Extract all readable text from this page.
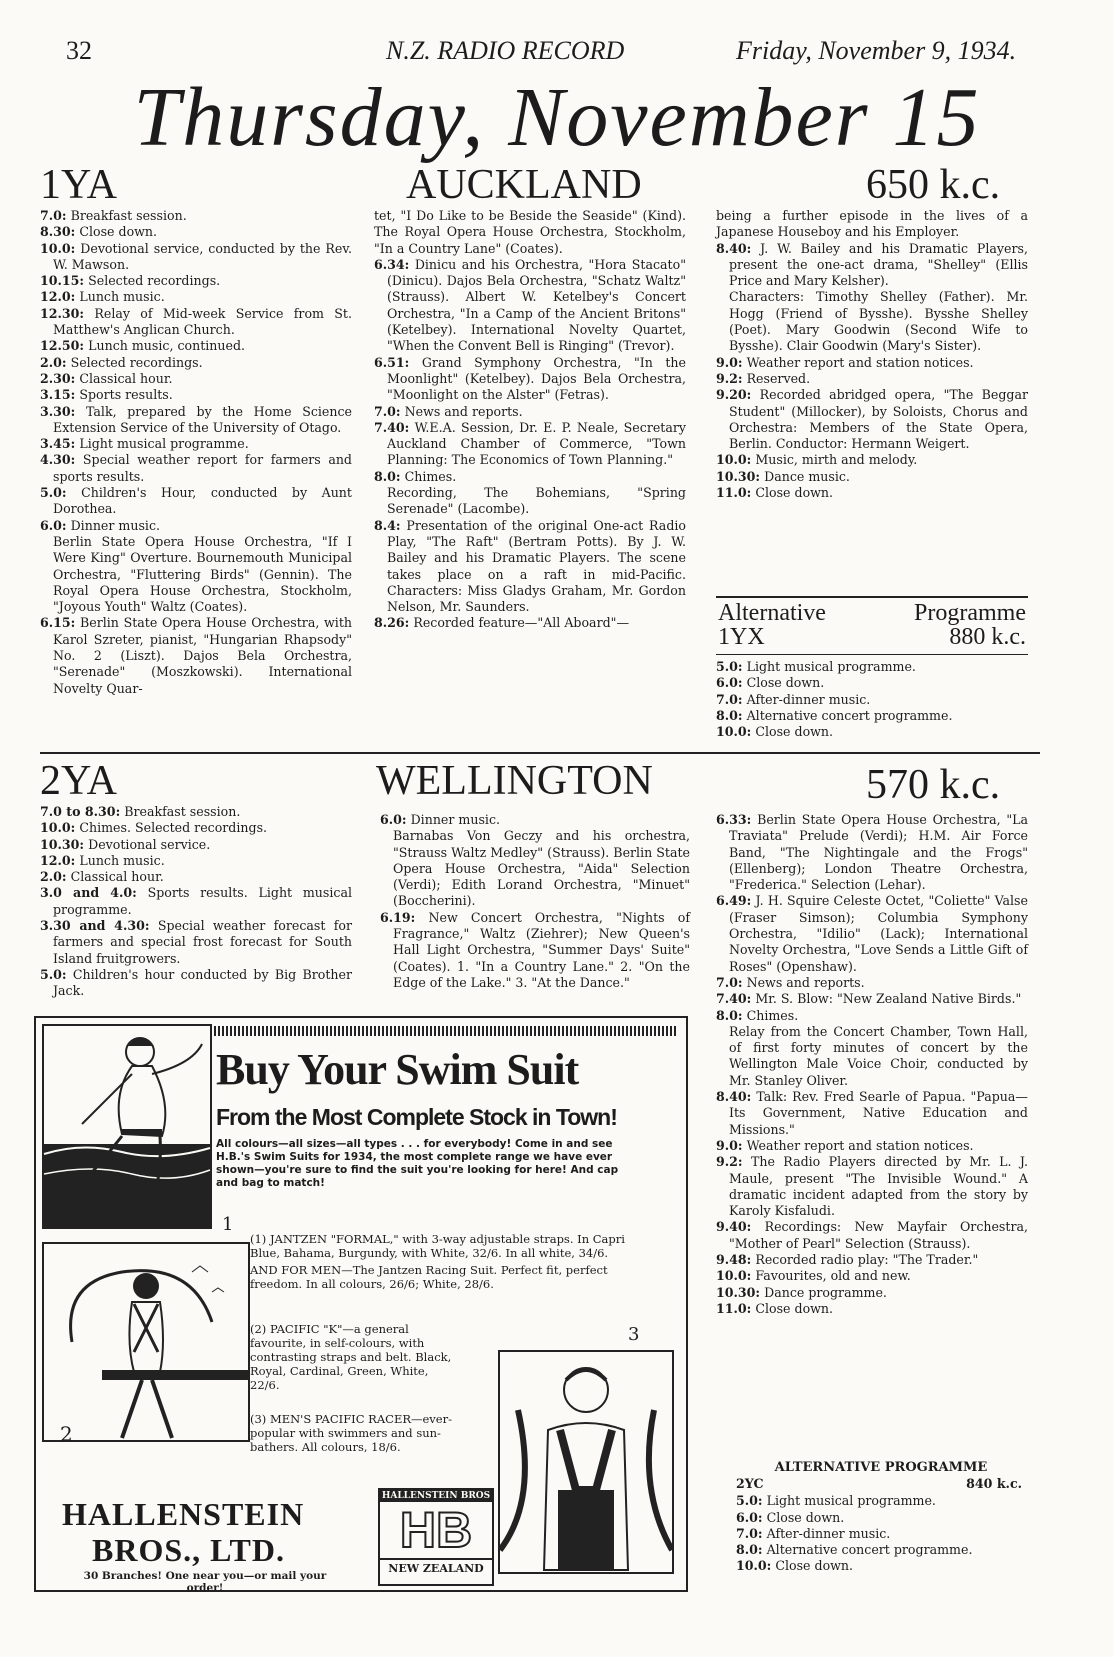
32	N.Z. RADIO RECORD	Friday, November 9, 1934.
Thursday, November 15
1YA	AUCKLAND	650 k.c.

7.0: Breakfast session.

8.30: Close down.

10.0: Devotional service, conducted by the Rev. W. Mawson.

10.15: Selected recordings.

12.0: Lunch music.

12.30: Relay of Mid-week Service from St. Matthew's Anglican Church.

12.50: Lunch music, continued.

2.0: Selected recordings.

2.30: Classical hour.

3.15: Sports results.

3.30: Talk, prepared by the Home Science Extension Service of the University of Otago.

3.45: Light musical programme.

4.30: Special weather report for farmers and sports results.

5.0: Children's Hour, conducted by Aunt Dorothea.

6.0: Dinner music.

Berlin State Opera House Orchestra, "If I Were King" Overture. Bournemouth Municipal Orchestra, "Fluttering Birds" (Gennin). The Royal Opera House Orchestra, Stockholm, "Joyous Youth" Waltz (Coates).

6.15: Berlin State Opera House Orchestra, with Karol Szreter, pianist, "Hungarian Rhapsody" No. 2 (Liszt). Dajos Bela Orchestra, "Serenade" (Moszkowski). International Novelty Quar-

tet, "I Do Like to be Beside the Seaside" (Kind). The Royal Opera House Orchestra, Stockholm, "In a Country Lane" (Coates).

6.34: Dinicu and his Orchestra, "Hora Stacato" (Dinicu). Dajos Bela Orchestra, "Schatz Waltz" (Strauss). Albert W. Ketelbey's Concert Orchestra, "In a Camp of the Ancient Britons" (Ketelbey). International Novelty Quartet, "When the Convent Bell is Ringing" (Trevor).

6.51: Grand Symphony Orchestra, "In the Moonlight" (Ketelbey). Dajos Bela Orchestra, "Moonlight on the Alster" (Fetras).

7.0: News and reports.

7.40: W.E.A. Session, Dr. E. P. Neale, Secretary Auckland Chamber of Commerce, "Town Planning: The Economics of Town Planning."

8.0: Chimes.

Recording, The Bohemians, "Spring Serenade" (Lacombe).

8.4: Presentation of the original One-act Radio Play, "The Raft" (Bertram Potts). By J. W. Bailey and his Dramatic Players. The scene takes place on a raft in mid-Pacific. Characters: Miss Gladys Graham, Mr. Gordon Nelson, Mr. Saunders.

8.26: Recorded feature—"All Aboard"—

being a further episode in the lives of a Japanese Houseboy and his Employer.

8.40: J. W. Bailey and his Dramatic Players, present the one-act drama, "Shelley" (Ellis Price and Mary Kelsher).

Characters: Timothy Shelley (Father). Mr. Hogg (Friend of Bysshe). Bysshe Shelley (Poet). Mary Goodwin (Second Wife to Bysshe). Clair Goodwin (Mary's Sister).

9.0: Weather report and station notices.

9.2: Reserved.

9.20: Recorded abridged opera, "The Beggar Student" (Millocker), by Soloists, Chorus and Orchestra: Members of the State Opera, Berlin. Conductor: Hermann Weigert.

10.0: Music, mirth and melody.

10.30: Dance music.

11.0: Close down.

Alternative	Programme
1YX	880 k.c.

5.0: Light musical programme.

6.0: Close down.

7.0: After-dinner music.

8.0: Alternative concert programme.

10.0: Close down.

2YA	WELLINGTON	570 k.c.

7.0 to 8.30: Breakfast session.

10.0: Chimes. Selected recordings.

10.30: Devotional service.

12.0: Lunch music.

2.0: Classical hour.

3.0 and 4.0: Sports results. Light musical programme.

3.30 and 4.30: Special weather forecast for farmers and special frost forecast for South Island fruitgrowers.

5.0: Children's hour conducted by Big Brother Jack.

6.0: Dinner music.

Barnabas Von Geczy and his orchestra, "Strauss Waltz Medley" (Strauss). Berlin State Opera House Orchestra, "Aida" Selection (Verdi); Edith Lorand Orchestra, "Minuet" (Boccherini).

6.19: New Concert Orchestra, "Nights of Fragrance," Waltz (Ziehrer); New Queen's Hall Light Orchestra, "Summer Days' Suite" (Coates). 1. "In a Country Lane." 2. "On the Edge of the Lake." 3. "At the Dance."

6.33: Berlin State Opera House Orchestra, "La Traviata" Prelude (Verdi); H.M. Air Force Band, "The Nightingale and the Frogs" (Ellenberg); London Theatre Orchestra, "Frederica." Selection (Lehar).

6.49: J. H. Squire Celeste Octet, "Coliette" Valse (Fraser Simson); Columbia Symphony Orchestra, "Idilio" (Lack); International Novelty Orchestra, "Love Sends a Little Gift of Roses" (Openshaw).

7.0: News and reports.

7.40: Mr. S. Blow: "New Zealand Native Birds."

8.0: Chimes.

Relay from the Concert Chamber, Town Hall, of first forty minutes of concert by the Wellington Male Voice Choir, conducted by Mr. Stanley Oliver.

8.40: Talk: Rev. Fred Searle of Papua. "Papua—Its Government, Native Education and Missions."

9.0: Weather report and station notices.

9.2: The Radio Players directed by Mr. L. J. Maule, present "The Invisible Wound." A dramatic incident adapted from the story by Karoly Kisfaludi.

9.40: Recordings: New Mayfair Orchestra, "Mother of Pearl" Selection (Strauss).

9.48: Recorded radio play: "The Trader."

10.0: Favourites, old and new.

10.30: Dance programme.

11.0: Close down.

ALTERNATIVE PROGRAMME
2YC	840 k.c.

5.0: Light musical programme.

6.0: Close down.

7.0: After-dinner music.

8.0: Alternative concert programme.

10.0: Close down.

Buy Your Swim Suit
From the Most Complete Stock in Town!
All colours—all sizes—all types . . . for everybody! Come in and see H.B.'s Swim Suits for 1934, the most complete range we have ever shown—you're sure to find the suit you're looking for here! And cap and bag to match!
1

(1) JANTZEN "FORMAL," with 3-way adjustable straps. In Capri Blue, Bahama, Burgundy, with White, 32/6. In all white, 34/6.

AND FOR MEN—The Jantzen Racing Suit. Perfect fit, perfect freedom. In all colours, 26/6; White, 28/6.

2
(2) PACIFIC "K"—a general favourite, in self-colours, with contrasting straps and belt. Black, Royal, Cardinal, Green, White, 22/6.
(3) MEN'S PACIFIC RACER—ever-popular with swimmers and sun-bathers. All colours, 18/6.
3
HALLENSTEIN
BROS., LTD.
30 Branches! One near you—or mail your order!
HALLENSTEIN BROS
HB
NEW ZEALAND
